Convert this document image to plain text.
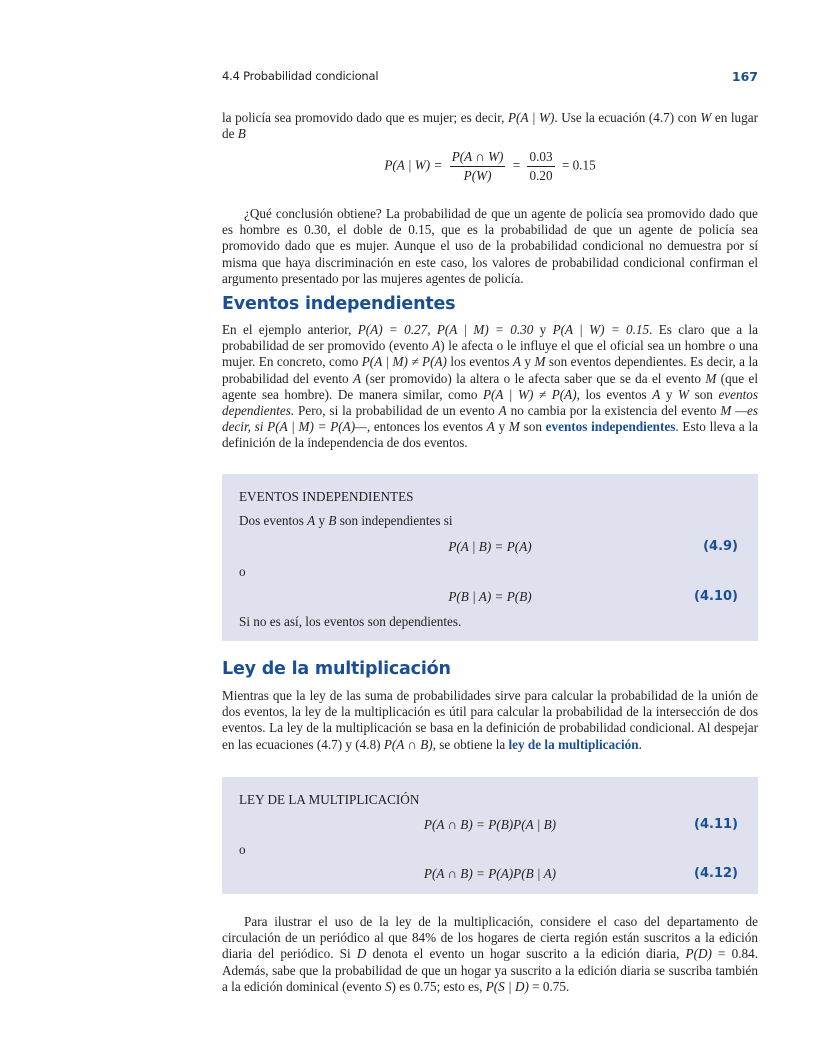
4.4 Probabilidad condicional	167

la policía sea promovido dado que es mujer; es decir, P(A | W). Use la ecuación (4.7) con W en lugar de B

P(A | $W) = \frac{P(A \cap W)}{P(W)} = \frac{0.03}{0.20} = 0.15$

¿Qué conclusión obtiene? La probabilidad de que un agente de policía sea promovido dado que es hombre es 0.30, el doble de 0.15, que es la probabilidad de que un agente de policía sea promovido dado que es mujer. Aunque el uso de la probabilidad condicional no demuestra por sí misma que haya discriminación en este caso, los valores de probabilidad condicional confirman el argumento presentado por las mujeres agentes de policía.

Eventos independientes

En el ejemplo anterior, P(A) = 0.27, P(A | M) = 0.30 y P(A | W) = 0.15. Es claro que a la probabilidad de ser promovido (evento A) le afecta o le influye el que el oficial sea un hombre o una mujer. En concreto, como P(A | M) ≠ P(A) los eventos A y M son eventos dependientes. Es decir, a la probabilidad del evento A (ser promovido) la altera o le afecta saber que se da el evento M (que el agente sea hombre). De manera similar, como P(A | W) ≠ P(A), los eventos A y W son eventos dependientes. Pero, si la probabilidad de un evento A no cambia por la existencia del evento M —es decir, si P(A | M) = P(A)—, entonces los eventos A y M son eventos independientes. Esto lleva a la definición de la independencia de dos eventos.

EVENTOS INDEPENDIENTES
Dos eventos A y B son independientes si
P(A | B) = P(A)	(4.9)
o
P(B | A) = P(B)	(4.10)
Si no es así, los eventos son dependientes.
Ley de la multiplicación

Mientras que la ley de las suma de probabilidades sirve para calcular la probabilidad de la unión de dos eventos, la ley de la multiplicación es útil para calcular la probabilidad de la intersección de dos eventos. La ley de la multiplicación se basa en la definición de probabilidad condicional. Al despejar en las ecuaciones (4.7) y (4.8) P(A ∩ B), se obtiene la ley de la multiplicación.

LEY DE LA MULTIPLICACIÓN
P(A ∩ B) = P(B)P(A | B)	(4.11)
o
P(A ∩ B) = P(A)P(B | A)	(4.12)

Para ilustrar el uso de la ley de la multiplicación, considere el caso del departamento de circulación de un periódico al que 84% de los hogares de cierta región están suscritos a la edición diaria del periódico. Si D denota el evento un hogar suscrito a la edición diaria, P(D) = 0.84. Además, sabe que la probabilidad de que un hogar ya suscrito a la edición diaria se suscriba también a la edición dominical (evento S) es 0.75; esto es, P(S | D) = 0.75.
